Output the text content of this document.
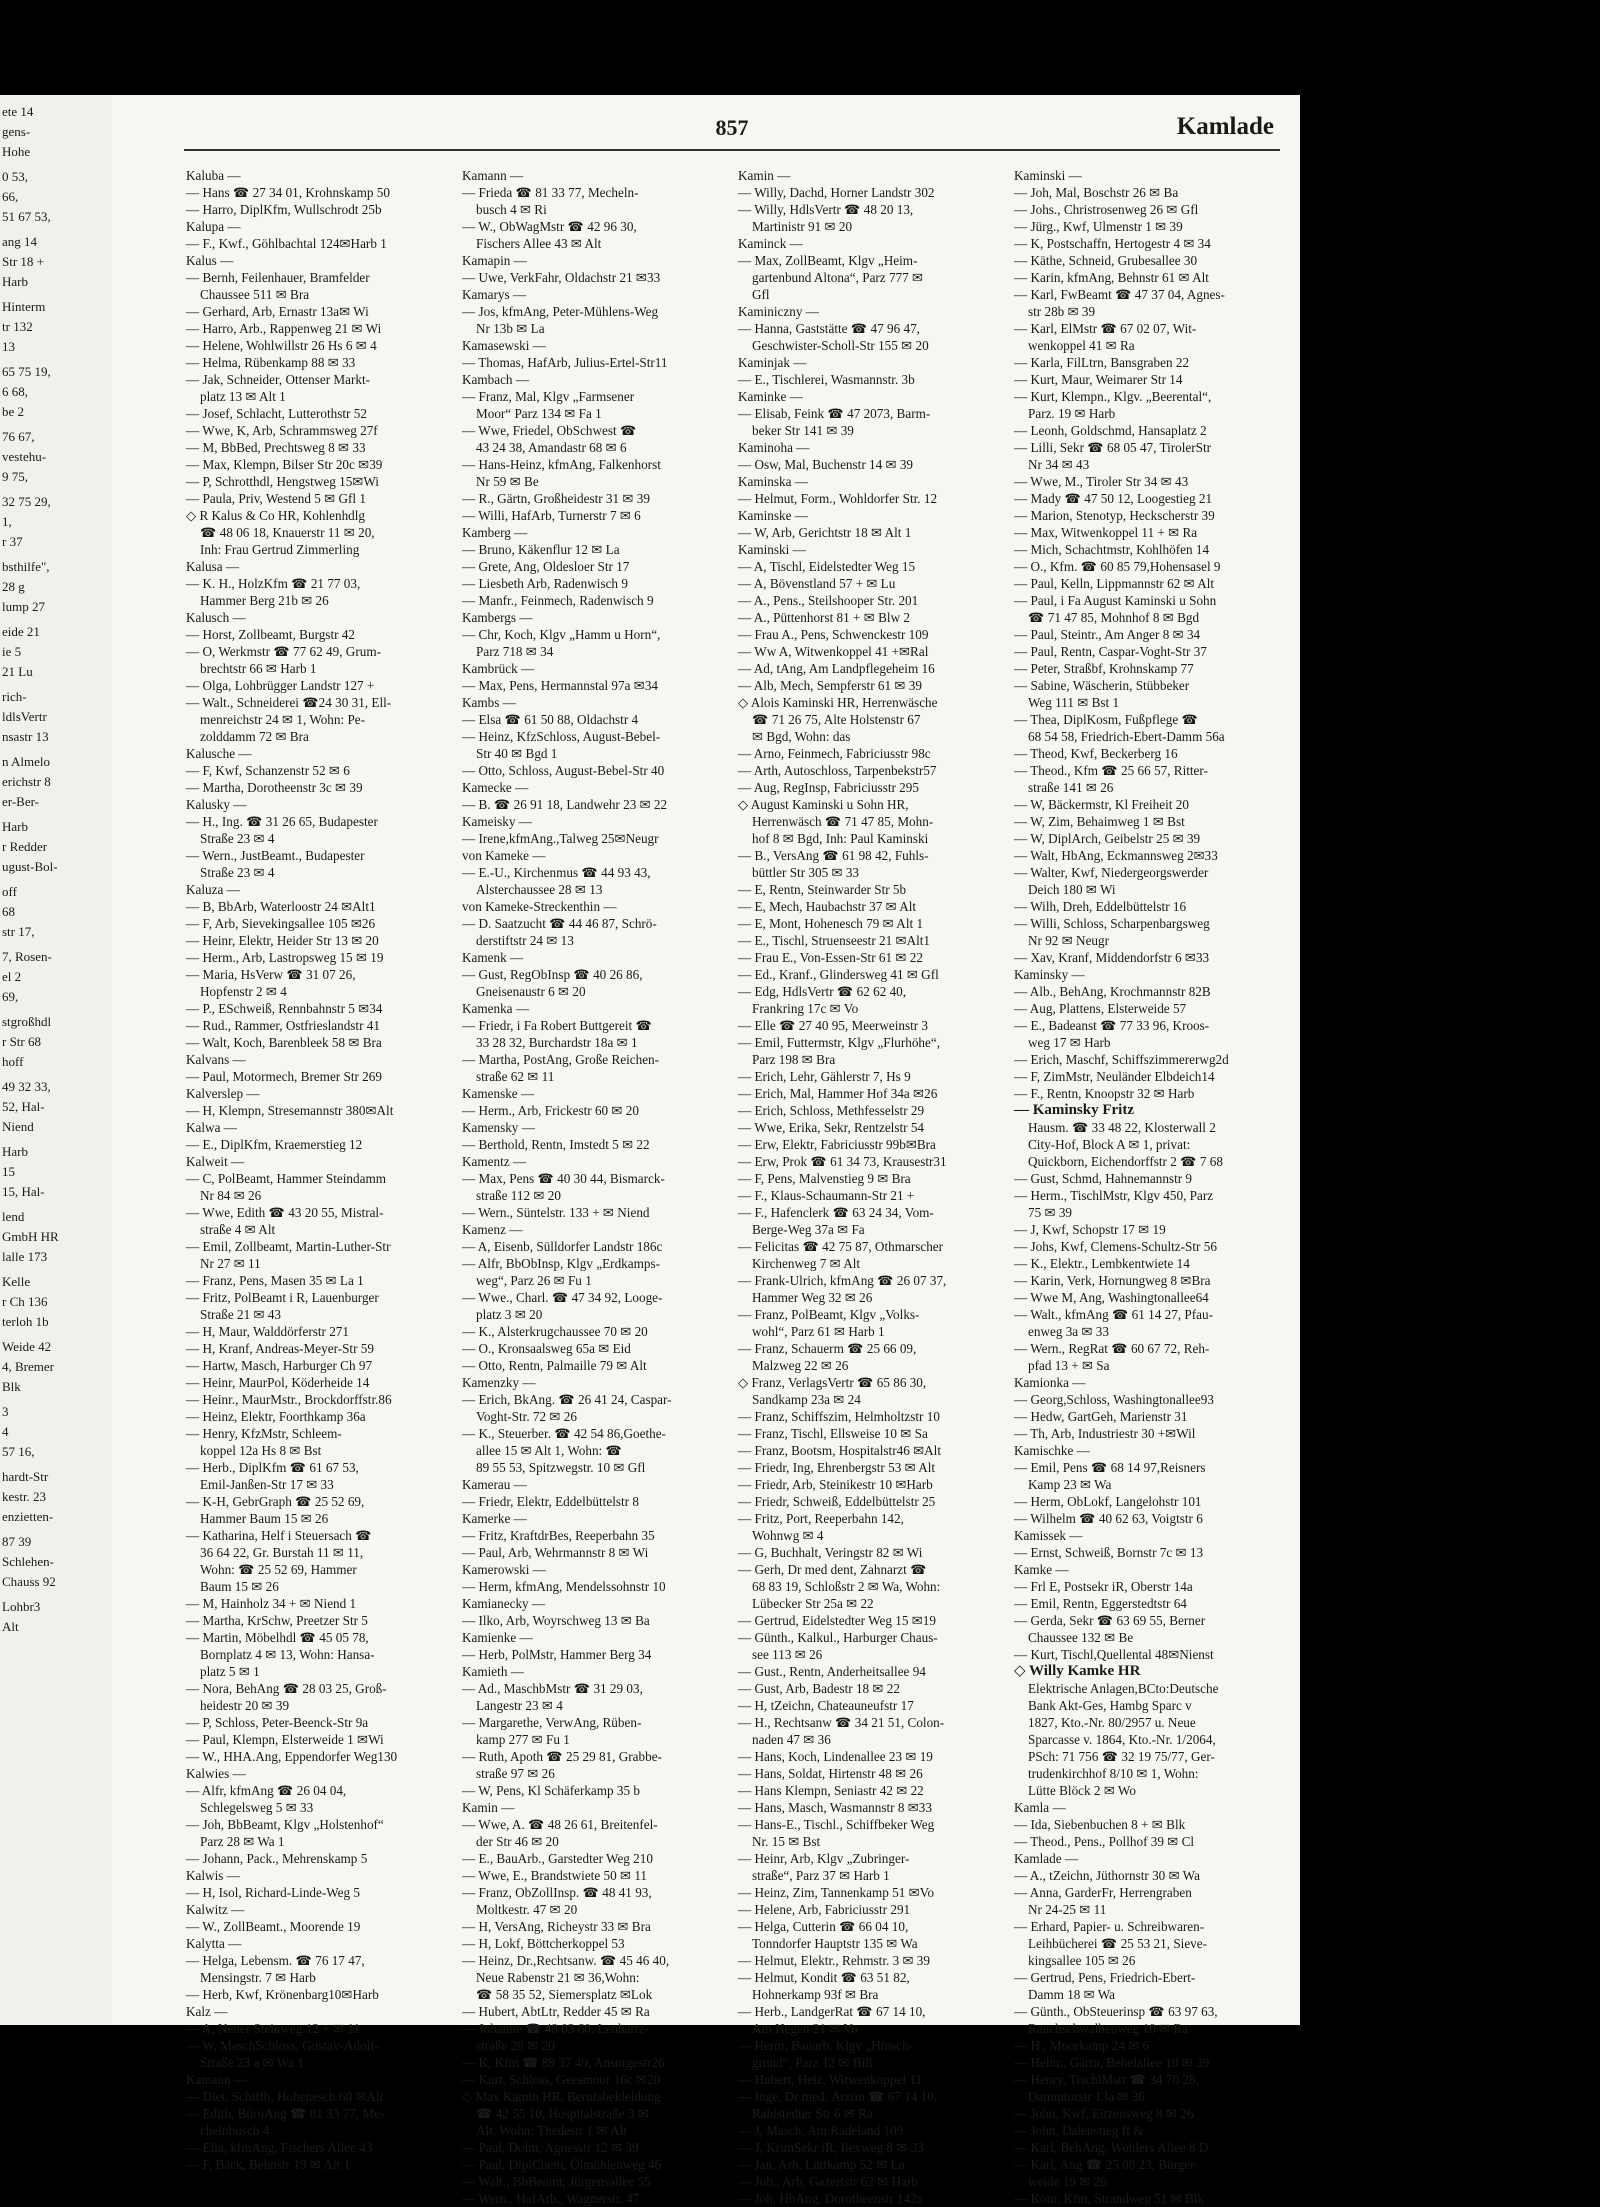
ete 14
gens-
Hohe
0 53,
66,
51 67 53,
ang 14
Str 18 +
Harb
Hinterm
tr 132
13
65 75 19,
6 68,
be 2
76 67,
vestehu-
9 75,
32 75 29,
1,
r 37
bsthilfe",
28 g
lump 27
eide 21
ie 5
21 Lu
rich-
ldlsVertr
nsastr 13
n Almelo
erichstr 8
er-Ber-
Harb
r Redder
ugust-Bol-
off
68
str 17,
7, Rosen-
el 2
69,
stgroßhdl
r Str 68
hoff
49 32 33,
52, Hal-
Niend
Harb
15
15, Hal-
lend
GmbH HR
lalle 173
Kelle
r Ch 136
terloh 1b
Weide 42
4, Bremer
Blk
3
4
57 16,
hardt-Str
kestr. 23
enzietten-
87 39
Schlehen-
Chauss 92
Lohbr3
Alt
857	Kamlade
Kaluba —
— Hans ☎ 27 34 01, Krohnskamp 50
— Harro, DiplKfm, Wullschrodt 25b
Kalupa —
— F., Kwf., Göhlbachtal 124✉Harb 1
Kalus —
— Bernh, Feilenhauer, Bramfelder
Chaussee 511 ✉ Bra
— Gerhard, Arb, Ernastr 13a✉ Wi
— Harro, Arb., Rappenweg 21 ✉ Wi
— Helene, Wohlwillstr 26 Hs 6 ✉ 4
— Helma, Rübenkamp 88 ✉ 33
— Jak, Schneider, Ottenser Markt-
platz 13 ✉ Alt 1
— Josef, Schlacht, Lutterothstr 52
— Wwe, K, Arb, Schrammsweg 27f
— M, BbBed, Prechtsweg 8 ✉ 33
— Max, Klempn, Bilser Str 20c ✉39
— P, Schrotthdl, Hengstweg 15✉Wi
— Paula, Priv, Westend 5 ✉ Gfl 1
◇ R Kalus & Co HR, Kohlenhdlg
☎ 48 06 18, Knauerstr 11 ✉ 20,
Inh: Frau Gertrud Zimmerling
Kalusa —
— K. H., HolzKfm ☎ 21 77 03,
Hammer Berg 21b ✉ 26
Kalusch —
— Horst, Zollbeamt, Burgstr 42
— O, Werkmstr ☎ 77 62 49, Grum-
brechtstr 66 ✉ Harb 1
— Olga, Lohbrügger Landstr 127 +
— Walt., Schneiderei ☎24 30 31, Ell-
menreichstr 24 ✉ 1, Wohn: Pe-
zolddamm 72 ✉ Bra
Kalusche —
— F, Kwf, Schanzenstr 52 ✉ 6
— Martha, Dorotheenstr 3c ✉ 39
Kalusky —
— H., Ing. ☎ 31 26 65, Budapester
Straße 23 ✉ 4
— Wern., JustBeamt., Budapester
Straße 23 ✉ 4
Kaluza —
— B, BbArb, Waterloostr 24 ✉Alt1
— F, Arb, Sievekingsallee 105 ✉26
— Heinr, Elektr, Heider Str 13 ✉ 20
— Herm., Arb, Lastropsweg 15 ✉ 19
— Maria, HsVerw ☎ 31 07 26,
Hopfenstr 2 ✉ 4
— P., ESchweiß, Rennbahnstr 5 ✉34
— Rud., Rammer, Ostfrieslandstr 41
— Walt, Koch, Barenbleek 58 ✉ Bra
Kalvans —
— Paul, Motormech, Bremer Str 269
Kalverslep —
— H, Klempn, Stresemannstr 380✉Alt
Kalwa —
— E., DiplKfm, Kraemerstieg 12
Kalweit —
— C, PolBeamt, Hammer Steindamm
Nr 84 ✉ 26
— Wwe, Edith ☎ 43 20 55, Mistral-
straße 4 ✉ Alt
— Emil, Zollbeamt, Martin-Luther-Str
Nr 27 ✉ 11
— Franz, Pens, Masen 35 ✉ La 1
— Fritz, PolBeamt i R, Lauenburger
Straße 21 ✉ 43
— H, Maur, Walddörferstr 271
— H, Kranf, Andreas-Meyer-Str 59
— Hartw, Masch, Harburger Ch 97
— Heinr, MaurPol, Köderheide 14
— Heinr., MaurMstr., Brockdorffstr.86
— Heinz, Elektr, Foorthkamp 36a
— Henry, KfzMstr, Schleem-
koppel 12a Hs 8 ✉ Bst
— Herb., DiplKfm ☎ 61 67 53,
Emil-Janßen-Str 17 ✉ 33
— K-H, GebrGraph ☎ 25 52 69,
Hammer Baum 15 ✉ 26
— Katharina, Helf i Steuersach ☎
36 64 22, Gr. Burstah 11 ✉ 11,
Wohn: ☎ 25 52 69, Hammer
Baum 15 ✉ 26
— M, Hainholz 34 + ✉ Niend 1
— Martha, KrSchw, Preetzer Str 5
— Martin, Möbelhdl ☎ 45 05 78,
Bornplatz 4 ✉ 13, Wohn: Hansa-
platz 5 ✉ 1
— Nora, BehAng ☎ 28 03 25, Groß-
heidestr 20 ✉ 39
— P, Schloss, Peter-Beenck-Str 9a
— Paul, Klempn, Elsterweide 1 ✉Wi
— W., HHA.Ang, Eppendorfer Weg130
Kalwies —
— Alfr, kfmAng ☎ 26 04 04,
Schlegelsweg 5 ✉ 33
— Joh, BbBeamt, Klgv „Holstenhof“
Parz 28 ✉ Wa 1
— Johann, Pack., Mehrenskamp 5
Kalwis —
— H, Isol, Richard-Linde-Weg 5
Kalwitz —
— W., ZollBeamt., Moorende 19
Kalytta —
— Helga, Lebensm. ☎ 76 17 47,
Mensingstr. 7 ✉ Harb
— Herb, Kwf, Krönenbarg10✉Harb
Kalz —
— A, Neuer Steinweg 12 + ✉ 11
— W, MaschSchloss, Gustav-Adolf-
Straße 23 a ✉ Wa 1
Kamann —
— Diet, Schiffb, Hohenesch 60 ✉Alt
— Edith, BüroAng ☎ 81 33 77, Me-
chelnbusch 4
— Ella, kfmAng, Fischers Allee 43
— F, Bäck, Behnstr 19 ✉ Alt 1
Kamann —
— Frieda ☎ 81 33 77, Mecheln-
busch 4 ✉ Ri
— W., ObWagMstr ☎ 42 96 30,
Fischers Allee 43 ✉ Alt
Kamapin —
— Uwe, VerkFahr, Oldachstr 21 ✉33
Kamarys —
— Jos, kfmAng, Peter-Mühlens-Weg
Nr 13b ✉ La
Kamasewski —
— Thomas, HafArb, Julius-Ertel-Str11
Kambach —
— Franz, Mal, Klgv „Farmsener
Moor“ Parz 134 ✉ Fa 1
— Wwe, Friedel, ObSchwest ☎
43 24 38, Amandastr 68 ✉ 6
— Hans-Heinz, kfmAng, Falkenhorst
Nr 59 ✉ Be
— R., Gärtn, Großheidestr 31 ✉ 39
— Willi, HafArb, Turnerstr 7 ✉ 6
Kamberg —
— Bruno, Käkenflur 12 ✉ La
— Grete, Ang, Oldesloer Str 17
— Liesbeth Arb, Radenwisch 9
— Manfr., Feinmech, Radenwisch 9
Kambergs —
— Chr, Koch, Klgv „Hamm u Horn“,
Parz 718 ✉ 34
Kambrück —
— Max, Pens, Hermannstal 97a ✉34
Kambs —
— Elsa ☎ 61 50 88, Oldachstr 4
— Heinz, KfzSchloss, August-Bebel-
Str 40 ✉ Bgd 1
— Otto, Schloss, August-Bebel-Str 40
Kamecke —
— B. ☎ 26 91 18, Landwehr 23 ✉ 22
Kameisky —
— Irene,kfmAng.,Talweg 25✉Neugr
von Kameke —
— E.-U., Kirchenmus ☎ 44 93 43,
Alsterchaussee 28 ✉ 13
von Kameke-Streckenthin —
— D. Saatzucht ☎ 44 46 87, Schrö-
derstiftstr 24 ✉ 13
Kamenk —
— Gust, RegObInsp ☎ 40 26 86,
Gneisenaustr 6 ✉ 20
Kamenka —
— Friedr, i Fa Robert Buttgereit ☎
33 28 32, Burchardstr 18a ✉ 1
— Martha, PostAng, Große Reichen-
straße 62 ✉ 11
Kamenske —
— Herm., Arb, Frickestr 60 ✉ 20
Kamensky —
— Berthold, Rentn, Imstedt 5 ✉ 22
Kamentz —
— Max, Pens ☎ 40 30 44, Bismarck-
straße 112 ✉ 20
— Wern., Süntelstr. 133 + ✉ Niend
Kamenz —
— A, Eisenb, Sülldorfer Landstr 186c
— Alfr, BbObInsp, Klgv „Erdkamps-
weg“, Parz 26 ✉ Fu 1
— Wwe., Charl. ☎ 47 34 92, Looge-
platz 3 ✉ 20
— K., Alsterkrugchaussee 70 ✉ 20
— O., Kronsaalsweg 65a ✉ Eid
— Otto, Rentn, Palmaille 79 ✉ Alt
Kamenzky —
— Erich, BkAng. ☎ 26 41 24, Caspar-
Voght-Str. 72 ✉ 26
— K., Steuerber. ☎ 42 54 86,Goethe-
allee 15 ✉ Alt 1, Wohn: ☎
89 55 53, Spitzwegstr. 10 ✉ Gfl
Kamerau —
— Friedr, Elektr, Eddelbüttelstr 8
Kamerke —
— Fritz, KraftdrBes, Reeperbahn 35
— Paul, Arb, Wehrmannstr 8 ✉ Wi
Kamerowski —
— Herm, kfmAng, Mendelssohnstr 10
Kamianecky —
— Ilko, Arb, Woyrschweg 13 ✉ Ba
Kamienke —
— Herb, PolMstr, Hammer Berg 34
Kamieth —
— Ad., MaschbMstr ☎ 31 29 03,
Langestr 23 ✉ 4
— Margarethe, VerwAng, Rüben-
kamp 277 ✉ Fu 1
— Ruth, Apoth ☎ 25 29 81, Grabbe-
straße 97 ✉ 26
— W, Pens, Kl Schäferkamp 35 b
Kamin —
— Wwe, A. ☎ 48 26 61, Breitenfel-
der Str 46 ✉ 20
— E., BauArb., Garstedter Weg 210
— Wwe, E., Brandstwiete 50 ✉ 11
— Franz, ObZollInsp. ☎ 48 41 93,
Moltkestr. 47 ✉ 20
— H, VersAng, Richeystr 33 ✉ Bra
— H, Lokf, Böttcherkoppel 53
— Heinz, Dr.,Rechtsanw. ☎ 45 46 40,
Neue Rabenstr 21 ✉ 36,Wohn:
☎ 58 35 52, Siemersplatz ✉Lok
— Hubert, AbtLtr, Redder 45 ✉ Ra
— Johanne ☎ 48 03 60, Lenhartz-
straße 28 ✉ 20
— K, Kfm ☎ 89 37 49, Ansorgestr26
— Kurt, Schloss, Geesmoor 16c ✉20
◇ Max Kamin HR, Berufsbekleidung
☎ 42 55 10, Hospitalstraße 3 ✉
Alt, Wohn: Thedestr 1 ✉ Alt
— Paul, Dolm, Agnesstr 12 ✉ 39
— Paul, DiplChem, Ölmühlenweg 46
— Walt., BbBeamt, Jürgensallee 55
— Wern., HafArb., Wagnerstr. 47
Kamin —
— Willy, Dachd, Horner Landstr 302
— Willy, HdlsVertr ☎ 48 20 13,
Martinistr 91 ✉ 20
Kaminck —
— Max, ZollBeamt, Klgv „Heim-
gartenbund Altona“, Parz 777 ✉
Gfl
Kaminiczny —
— Hanna, Gaststätte ☎ 47 96 47,
Geschwister-Scholl-Str 155 ✉ 20
Kaminjak —
— E., Tischlerei, Wasmannstr. 3b
Kaminke —
— Elisab, Feink ☎ 47 2073, Barm-
beker Str 141 ✉ 39
Kaminoha —
— Osw, Mal, Buchenstr 14 ✉ 39
Kaminska —
— Helmut, Form., Wohldorfer Str. 12
Kaminske —
— W, Arb, Gerichtstr 18 ✉ Alt 1
Kaminski —
— A, Tischl, Eidelstedter Weg 15
— A, Bövenstland 57 + ✉ Lu
— A., Pens., Steilshooper Str. 201
— A., Püttenhorst 81 + ✉ Blw 2
— Frau A., Pens, Schwenckestr 109
— Ww A, Witwenkoppel 41 +✉Ral
— Ad, tAng, Am Landpflegeheim 16
— Alb, Mech, Sempferstr 61 ✉ 39
◇ Alois Kaminski HR, Herrenwäsche
☎ 71 26 75, Alte Holstenstr 67
✉ Bgd, Wohn: das
— Arno, Feinmech, Fabriciusstr 98c
— Arth, Autoschloss, Tarpenbekstr57
— Aug, RegInsp, Fabriciusstr 295
◇ August Kaminski u Sohn HR,
Herrenwäsch ☎ 71 47 85, Mohn-
hof 8 ✉ Bgd, Inh: Paul Kaminski
— B., VersAng ☎ 61 98 42, Fuhls-
büttler Str 305 ✉ 33
— E, Rentn, Steinwarder Str 5b
— E, Mech, Haubachstr 37 ✉ Alt
— E, Mont, Hohenesch 79 ✉ Alt 1
— E., Tischl, Struenseestr 21 ✉Alt1
— Frau E., Von-Essen-Str 61 ✉ 22
— Ed., Kranf., Glindersweg 41 ✉ Gfl
— Edg, HdlsVertr ☎ 62 62 40,
Frankring 17c ✉ Vo
— Elle ☎ 27 40 95, Meerweinstr 3
— Emil, Futtermstr, Klgv „Flurhöhe“,
Parz 198 ✉ Bra
— Erich, Lehr, Gählerstr 7, Hs 9
— Erich, Mal, Hammer Hof 34a ✉26
— Erich, Schloss, Methfesselstr 29
— Wwe, Erika, Sekr, Rentzelstr 54
— Erw, Elektr, Fabriciusstr 99b✉Bra
— Erw, Prok ☎ 61 34 73, Krausestr31
— F, Pens, Malvenstieg 9 ✉ Bra
— F., Klaus-Schaumann-Str 21 +
— F., Hafenclerk ☎ 63 24 34, Vom-
Berge-Weg 37a ✉ Fa
— Felicitas ☎ 42 75 87, Othmarscher
Kirchenweg 7 ✉ Alt
— Frank-Ulrich, kfmAng ☎ 26 07 37,
Hammer Weg 32 ✉ 26
— Franz, PolBeamt, Klgv „Volks-
wohl“, Parz 61 ✉ Harb 1
— Franz, Schauerm ☎ 25 66 09,
Malzweg 22 ✉ 26
◇ Franz, VerlagsVertr ☎ 65 86 30,
Sandkamp 23a ✉ 24
— Franz, Schiffszim, Helmholtzstr 10
— Franz, Tischl, Ellsweise 10 ✉ Sa
— Franz, Bootsm, Hospitalstr46 ✉Alt
— Friedr, Ing, Ehrenbergstr 53 ✉ Alt
— Friedr, Arb, Steinikestr 10 ✉Harb
— Friedr, Schweiß, Eddelbüttelstr 25
— Fritz, Port, Reeperbahn 142,
Wohnwg ✉ 4
— G, Buchhalt, Veringstr 82 ✉ Wi
— Gerh, Dr med dent, Zahnarzt ☎
68 83 19, Schloßstr 2 ✉ Wa, Wohn:
Lübecker Str 25a ✉ 22
— Gertrud, Eidelstedter Weg 15 ✉19
— Günth., Kalkul., Harburger Chaus-
see 113 ✉ 26
— Gust., Rentn, Anderheitsallee 94
— Gust, Arb, Badestr 18 ✉ 22
— H, tZeichn, Chateauneufstr 17
— H., Rechtsanw ☎ 34 21 51, Colon-
naden 47 ✉ 36
— Hans, Koch, Lindenallee 23 ✉ 19
— Hans, Soldat, Hirtenstr 48 ✉ 26
— Hans Klempn, Seniastr 42 ✉ 22
— Hans, Masch, Wasmannstr 8 ✉33
— Hans-E., Tischl., Schiffbeker Weg
Nr. 15 ✉ Bst
— Heinr, Arb, Klgv „Zubringer-
straße“, Parz 37 ✉ Harb 1
— Heinz, Zim, Tannenkamp 51 ✉Vo
— Helene, Arb, Fabriciusstr 291
— Helga, Cutterin ☎ 66 04 10,
Tonndorfer Hauptstr 135 ✉ Wa
— Helmut, Elektr., Rehmstr. 3 ✉ 39
— Helmut, Kondit ☎ 63 51 82,
Hohnerkamp 93f ✉ Bra
— Herb., LandgerRat ☎ 67 14 10,
Am Hegen 21 ✉ Vo
— Herm, Bauarb, Klgv „Hinsch-
grund“, Parz 12 ✉ Bill
— Hubert, Heiz, Witwenkoppel 11
— Inge, Dr med, Ärztin ☎ 67 14 10,
Rahlstedter Str 6 ✉ Ra
— J, Masch, Am Radeland 109
— J, KrimSekr iR, Ilexweg 8 ✉ 33
— Jan, Arb, Lüttkamp 52 ✉ Lu
— Joh., Arb, Gazertstr 62 ✉ Harb
— Joh, HbAng, Dorotheenstr 142a
Kaminski —
— Joh, Mal, Boschstr 26 ✉ Ba
— Johs., Christrosenweg 26 ✉ Gfl
— Jürg., Kwf, Ulmenstr 1 ✉ 39
— K, Postschaffn, Hertogestr 4 ✉ 34
— Käthe, Schneid, Grubesallee 30
— Karin, kfmAng, Behnstr 61 ✉ Alt
— Karl, FwBeamt ☎ 47 37 04, Agnes-
str 28b ✉ 39
— Karl, ElMstr ☎ 67 02 07, Wit-
wenkoppel 41 ✉ Ra
— Karla, FilLtrn, Bansgraben 22
— Kurt, Maur, Weimarer Str 14
— Kurt, Klempn., Klgv. „Beerental“,
Parz. 19 ✉ Harb
— Leonh, Goldschmd, Hansaplatz 2
— Lilli, Sekr ☎ 68 05 47, TirolerStr
Nr 34 ✉ 43
— Wwe, M., Tiroler Str 34 ✉ 43
— Mady ☎ 47 50 12, Loogestieg 21
— Marion, Stenotyp, Heckscherstr 39
— Max, Witwenkoppel 11 + ✉ Ra
— Mich, Schachtmstr, Kohlhöfen 14
— O., Kfm. ☎ 60 85 79,Hohensasel 9
— Paul, Kelln, Lippmannstr 62 ✉ Alt
— Paul, i Fa August Kaminski u Sohn
☎ 71 47 85, Mohnhof 8 ✉ Bgd
— Paul, Steintr., Am Anger 8 ✉ 34
— Paul, Rentn, Caspar-Voght-Str 37
— Peter, Straßbf, Krohnskamp 77
— Sabine, Wäscherin, Stübbeker
Weg 111 ✉ Bst 1
— Thea, DiplKosm, Fußpflege ☎
68 54 58, Friedrich-Ebert-Damm 56a
— Theod, Kwf, Beckerberg 16
— Theod., Kfm ☎ 25 66 57, Ritter-
straße 141 ✉ 26
— W, Bäckermstr, Kl Freiheit 20
— W, Zim, Behaimweg 1 ✉ Bst
— W, DiplArch, Geibelstr 25 ✉ 39
— Walt, HbAng, Eckmannsweg 2✉33
— Walter, Kwf, Niedergeorgswerder
Deich 180 ✉ Wi
— Wilh, Dreh, Eddelbüttelstr 16
— Willi, Schloss, Scharpenbargsweg
Nr 92 ✉ Neugr
— Xav, Kranf, Middendorfstr 6 ✉33
Kaminsky —
— Alb., BehAng, Krochmannstr 82B
— Aug, Plattens, Elsterweide 57
— E., Badeanst ☎ 77 33 96, Kroos-
weg 17 ✉ Harb
— Erich, Maschf, Schiffszimmererwg2d
— F, ZimMstr, Neuländer Elbdeich14
— F., Rentn, Knoopstr 32 ✉ Harb
— Kaminsky Fritz
Hausm. ☎ 33 48 22, Klosterwall 2
City-Hof, Block A ✉ 1, privat:
Quickborn, Eichendorffstr 2 ☎ 7 68
— Gust, Schmd, Hahnemannstr 9
— Herm., TischlMstr, Klgv 450, Parz
75 ✉ 39
— J, Kwf, Schopstr 17 ✉ 19
— Johs, Kwf, Clemens-Schultz-Str 56
— K., Elektr., Lembkentwiete 14
— Karin, Verk, Hornungweg 8 ✉Bra
— Wwe M, Ang, Washingtonallee64
— Walt., kfmAng ☎ 61 14 27, Pfau-
enweg 3a ✉ 33
— Wern., RegRat ☎ 60 67 72, Reh-
pfad 13 + ✉ Sa
Kamionka —
— Georg,Schloss, Washingtonallee93
— Hedw, GartGeh, Marienstr 31
— Th, Arb, Industriestr 30 +✉Wil
Kamischke —
— Emil, Pens ☎ 68 14 97,Reisners
Kamp 23 ✉ Wa
— Herm, ObLokf, Langelohstr 101
— Wilhelm ☎ 40 62 63, Voigtstr 6
Kamissek —
— Ernst, Schweiß, Bornstr 7c ✉ 13
Kamke —
— Frl E, Postsekr iR, Oberstr 14a
— Emil, Rentn, Eggerstedtstr 64
— Gerda, Sekr ☎ 63 69 55, Berner
Chaussee 132 ✉ Be
— Kurt, Tischl,Quellental 48✉Nienst
◇ Willy Kamke HR
Elektrische Anlagen,BCto:Deutsche
Bank Akt-Ges, Hambg Sparc v
1827, Kto.-Nr. 80/2957 u. Neue
Sparcasse v. 1864, Kto.-Nr. 1/2064,
PSch: 71 756 ☎ 32 19 75/77, Ger-
trudenkirchhof 8/10 ✉ 1, Wohn:
Lütte Blöck 2 ✉ Wo
Kamla —
— Ida, Siebenbuchen 8 + ✉ Blk
— Theod., Pens., Pollhof 39 ✉ Cl
Kamlade —
— A., tZeichn, Jüthornstr 30 ✉ Wa
— Anna, GarderFr, Herrengraben
Nr 24-25 ✉ 11
— Erhard, Papier- u. Schreibwaren-
Leihbücherei ☎ 25 53 21, Sieve-
kingsallee 105 ✉ 26
— Gertrud, Pens, Friedrich-Ebert-
Damm 18 ✉ Wa
— Günth., ObSteuerinsp ☎ 63 97 63,
Rauchschwalbenweg 10 ✉ Ra
— H., Moorkamp 24 ✉ 6
— Heinr., Gärtn, Bebelallee 10 ✉ 39
— Henry, TischlMstr ☎ 34 70 28,
Dammtorstr 13a ✉ 36
— John, Kwf, Eitzensweg 8 ✉ 26
— John, Dalenstieg ff &
— Karl, BehAng, Wohlers Allee 8 D
— Karl, Ang ☎ 25 08 23, Bürger-
weide 19 ✉ 26
— Konr, Kfm, Strandweg 51 ✉ Blk
